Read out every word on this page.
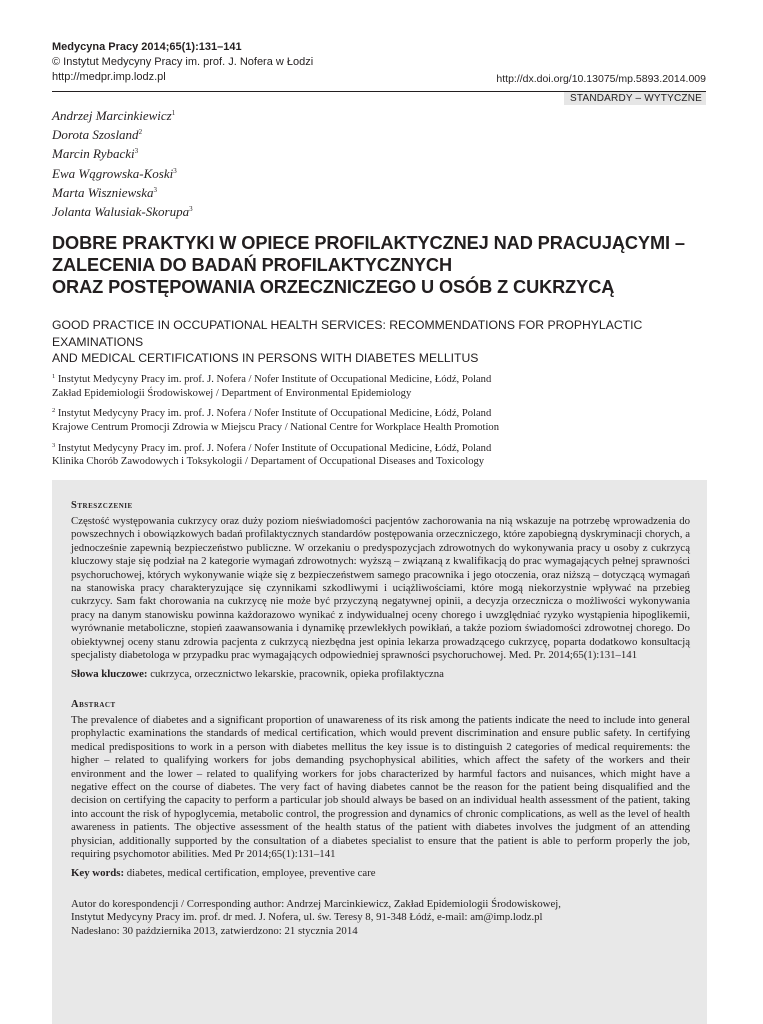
Medycyna Pracy 2014;65(1):131–141
© Instytut Medycyny Pracy im. prof. J. Nofera w Łodzi
http://medpr.imp.lodz.pl	http://dx.doi.org/10.13075/mp.5893.2014.009
STANDARDY – WYTYCZNE
Andrzej Marcinkiewicz$^1$
Dorota Szosland$^2$
Marcin Rybacki$^3$
Ewa Wągrowska-Koski$^3$
Marta Wiszniewska$^3$
Jolanta Walusiak-Skorupa$^3$
DOBRE PRAKTYKI W OPIECE PROFILAKTYCZNEJ NAD PRACUJĄCYMI –
ZALECENIA DO BADAŃ PROFILAKTYCZNYCH
ORAZ POSTĘPOWANIA ORZECZNICZEGO U OSÓB Z CUKRZYCĄ
GOOD PRACTICE IN OCCUPATIONAL HEALTH SERVICES: RECOMMENDATIONS FOR PROPHYLACTIC EXAMINATIONS
AND MEDICAL CERTIFICATIONS IN PERSONS WITH DIABETES MELLITUS
$^1$ Instytut Medycyny Pracy im. prof. J. Nofera / Nofer Institute of Occupational Medicine, Łódź, Poland
Zakład Epidemiologii Środowiskowej / Department of Environmental Epidemiology
$^2$ Instytut Medycyny Pracy im. prof. J. Nofera / Nofer Institute of Occupational Medicine, Łódź, Poland
Krajowe Centrum Promocji Zdrowia w Miejscu Pracy / National Centre for Workplace Health Promotion
$^3$ Instytut Medycyny Pracy im. prof. J. Nofera / Nofer Institute of Occupational Medicine, Łódź, Poland
Klinika Chorób Zawodowych i Toksykologii / Departament of Occupational Diseases and Toxicology
Streszczenie

Częstość występowania cukrzycy oraz duży poziom nieświadomości pacjentów zachorowania na nią wskazuje na potrzebę wprowadzenia do powszechnych i obowiązkowych badań profilaktycznych standardów postępowania orzeczniczego, które zapobiegną dyskryminacji chorych, a jednocześnie zapewnią bezpieczeństwo publiczne. W orzekaniu o predyspozycjach zdrowotnych do wykonywania pracy u osoby z cukrzycą kluczowy staje się podział na 2 kategorie wymagań zdrowotnych: wyższą – związaną z kwalifikacją do prac wymagających pełnej sprawności psychoruchowej, których wykonywanie wiąże się z bezpieczeństwem samego pracownika i jego otoczenia, oraz niższą – dotyczącą wymagań na stanowiska pracy charakteryzujące się czynnikami szkodliwymi i uciążliwościami, które mogą niekorzystnie wpływać na przebieg cukrzycy. Sam fakt chorowania na cukrzycę nie może być przyczyną negatywnej opinii, a decyzja orzecznicza o możliwości wykonywania pracy na danym stanowisku powinna każdorazowo wynikać z indywidualnej oceny chorego i uwzględniać ryzyko wystąpienia hipoglikemii, wyrównanie metaboliczne, stopień zaawansowania i dynamikę przewlekłych powikłań, a także poziom świadomości zdrowotnej chorego. Do obiektywnej oceny stanu zdrowia pacjenta z cukrzycą niezbędna jest opinia lekarza prowadzącego cukrzycę, poparta dodatkowo konsultacją specjalisty diabetologa w przypadku prac wymagających odpowiedniej sprawności psychoruchowej. Med. Pr. 2014;65(1):131–141

Słowa kluczowe: cukrzyca, orzecznictwo lekarskie, pracownik, opieka profilaktyczna
Abstract

The prevalence of diabetes and a significant proportion of unawareness of its risk among the patients indicate the need to include into general prophylactic examinations the standards of medical certification, which would prevent discrimination and ensure public safety. In certifying medical predispositions to work in a person with diabetes mellitus the key issue is to distinguish 2 categories of medical requirements: the higher – related to qualifying workers for jobs demanding psychophysical abilities, which affect the safety of the workers and their environment and the lower – related to qualifying workers for jobs characterized by harmful factors and nuisances, which might have a negative effect on the course of diabetes. The very fact of having diabetes cannot be the reason for the patient being disqualified and the decision on certifying the capacity to perform a particular job should always be based on an individual health assessment of the patient, taking into account the risk of hypoglycemia, metabolic control, the progression and dynamics of chronic complications, as well as the level of health awareness in patients. The objective assessment of the health status of the patient with diabetes involves the judgment of an attending physician, additionally supported by the consultation of a diabetes specialist to ensure that the patient is able to perform properly the job, requiring psychomotor abilities. Med Pr 2014;65(1):131–141

Key words: diabetes, medical certification, employee, preventive care
Autor do korespondencji / Corresponding author: Andrzej Marcinkiewicz, Zakład Epidemiologii Środowiskowej,
Instytut Medycyny Pracy im. prof. dr med. J. Nofera, ul. św. Teresy 8, 91-348 Łódź, e-mail: am@imp.lodz.pl
Nadesłano: 30 października 2013, zatwierdzono: 21 stycznia 2014
